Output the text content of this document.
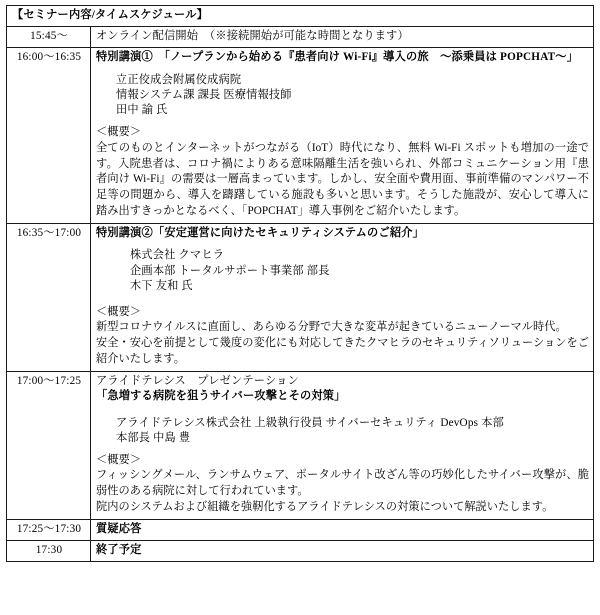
【セミナー内容/タイムスケジュール】	
15:45〜	オンライン配信開始　（※接続開始が可能な時間となります）

16:00〜16:35	特別講演①　「ノープランから始める『患者向け Wi-Fi』導入の旅　〜添乗員は POPCHAT〜」
立正佼成会附属佼成病院
情報システム課 課長 医療情報技師
田中 諭 氏
＜概要＞
全てのものとインターネットがつながる（IoT）時代になり、無料 Wi-Fi スポットも増加の一途です。入院患者は、コロナ禍によりある意味隔離生活を強いられ、外部コミュニケーション用『患者向け Wi-Fi』の需要は一層高まっています。しかし、安全面や費用面、事前準備のマンパワー不足等の問題から、導入を躊躇している施設も多いと思います。そうした施設が、安心して導入に踏み出すきっかとなるべく、「POPCHAT」導入事例をご紹介いたします。

16:35〜17:00	特別講演②「安定運営に向けたセキュリティシステムのご紹介」
株式会社 クマヒラ
企画本部 トータルサポート事業部 部長
木下 友和 氏
＜概要＞
新型コロナウイルスに直面し、あらゆる分野で大きな変革が起きているニューノーマル時代。
安全・安心を前提として幾度の変化にも対応してきたクマヒラのセキュリティソリューションをご紹介いたします。

17:00〜17:25	アライドテレシス　プレゼンテーション
「急増する病院を狙うサイバー攻撃とその対策」
アライドテレシス株式会社 上級執行役員 サイバーセキュリティ DevOps 本部
本部長 中島 豊
＜概要＞
フィッシングメール、ランサムウェア、ポータルサイト改ざん等の巧妙化したサイバー攻撃が、脆弱性のある病院に対して行われています。
院内のシステムおよび組織を強靭化するアライドテレシスの対策について解説いたします。

17:25〜17:30	質疑応答

17:30	終了予定
